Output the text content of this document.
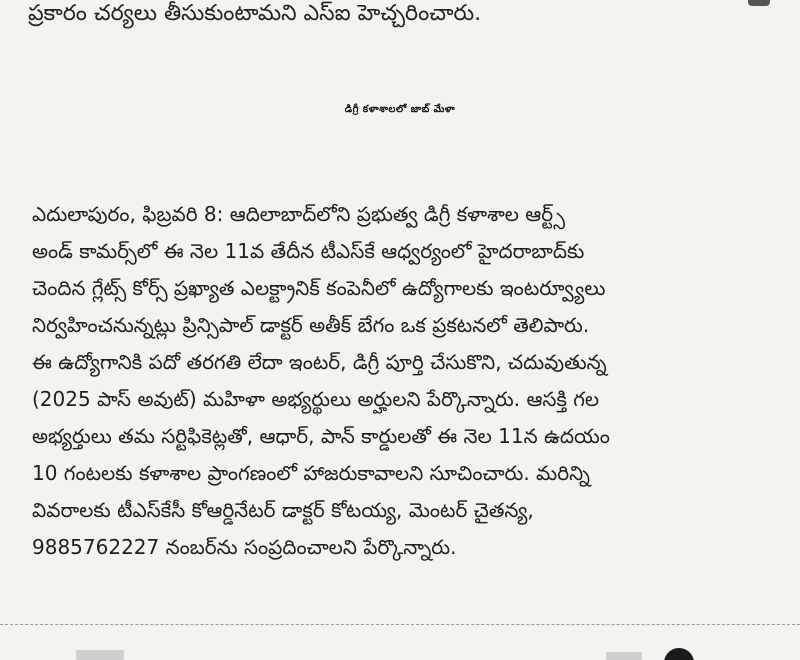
ప్రకారం చర్యలు తీసుకుంటామని ఎస్ఐ హెచ్చరించారు.
డిగ్రీ కళాశాలలో జాబ్ మేళా
ఎదులాపురం, ఫిబ్రవరి 8: ఆదిలాబాద్‌లోని ప్రభుత్వ డిగ్రీ కళాశాల ఆర్ట్స్
అండ్ కామర్స్‌లో ఈ నెల 11వ తేదీన టీఎస్‌కే ఆధ్వర్యంలో హైదరాబాద్‌కు
చెందిన గ్లేట్స్ కోర్స్ ప్రఖ్యాత ఎలక్ట్రానిక్ కంపెనీలో ఉద్యోగాలకు ఇంటర్వ్యూలు
నిర్వహించనున్నట్లు ప్రిన్సిపాల్ డాక్టర్ అతీక్ బేగం ఒక ప్రకటనలో తెలిపారు.
ఈ ఉద్యోగానికి పదో తరగతి లేదా ఇంటర్, డిగ్రీ పూర్తి చేసుకొని, చదువుతున్న
(2025 పాస్ అవుట్) మహిళా అభ్యర్థులు అర్హులని పేర్కొన్నారు. ఆసక్తి గల
అభ్యర్తులు తమ సర్టిఫికెట్లతో, ఆధార్, పాన్ కార్డులతో ఈ నెల 11న ఉదయం
10 గంటలకు కళాశాల ప్రాంగణంలో హాజరుకావాలని సూచించారు. మరిన్ని
వివరాలకు టీఎస్‌కేసీ కోఆర్డినేటర్ డాక్టర్ కోటయ్య, మెంటర్ చైతన్య,
9885762227 నంబర్‌ను సంప్రదించాలని పేర్కొన్నారు.
